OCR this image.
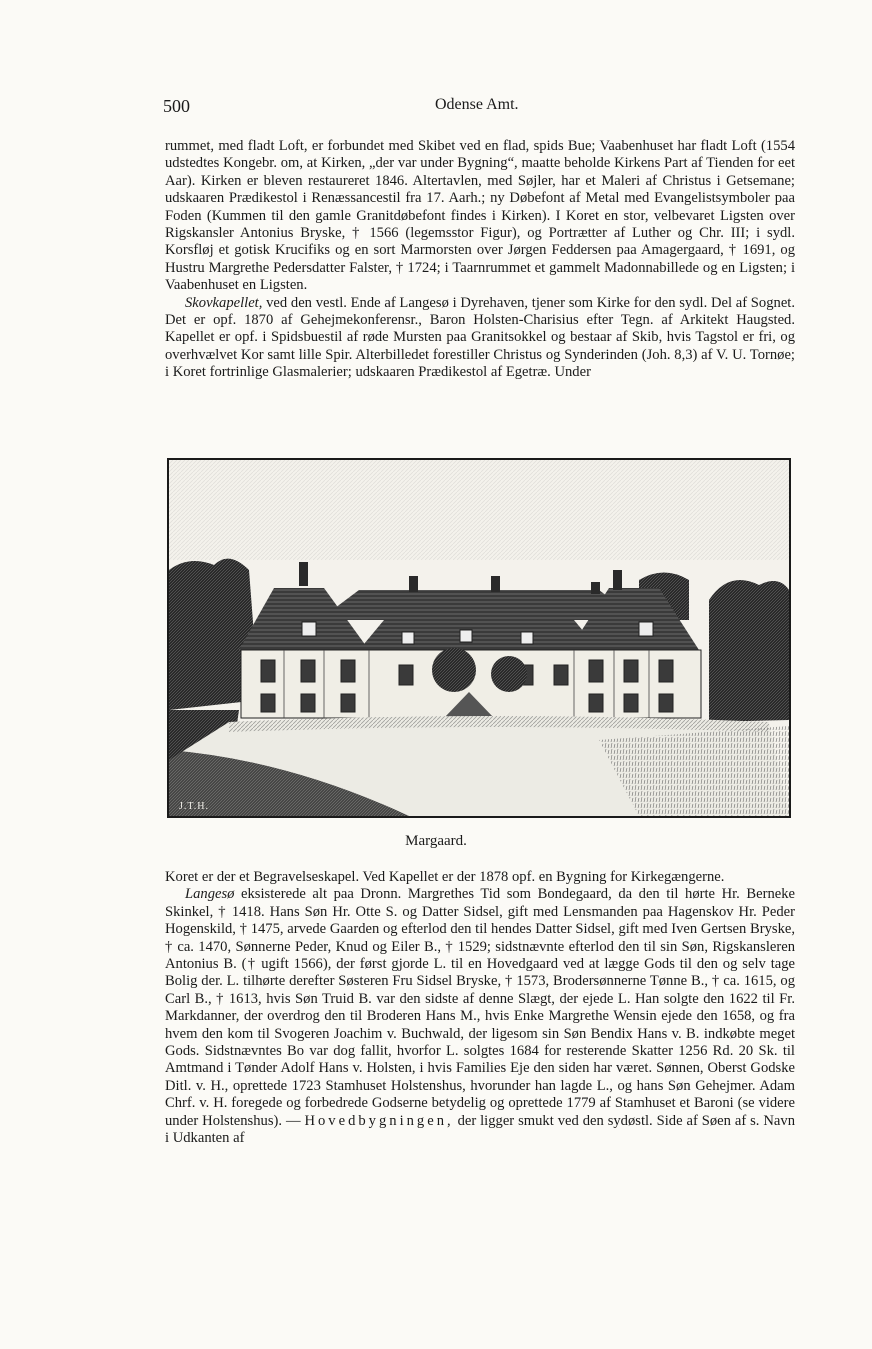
500	Odense Amt.

rummet, med fladt Loft, er forbundet med Skibet ved en flad, spids Bue; Vaabenhuset har fladt Loft (1554 udstedtes Kongebr. om, at Kirken, „der var under Bygning“, maatte beholde Kirkens Part af Tienden for eet Aar). Kirken er bleven restaureret 1846. Altertavlen, med Søjler, har et Maleri af Christus i Getsemane; udskaaren Prædikestol i Renæssancestil fra 17. Aarh.; ny Døbefont af Metal med Evangelistsymboler paa Foden (Kummen til den gamle Granitdøbefont findes i Kirken). I Koret en stor, velbevaret Ligsten over Rigskansler Antonius Bryske, † 1566 (legemsstor Figur), og Portrætter af Luther og Chr. III; i sydl. Korsfløj et gotisk Krucifiks og en sort Marmorsten over Jørgen Feddersen paa Amagergaard, † 1691, og Hustru Margrethe Pedersdatter Falster, † 1724; i Taarnrummet et gammelt Madonnabillede og en Ligsten; i Vaabenhuset en Ligsten.

Skovkapellet, ved den vestl. Ende af Langesø i Dyrehaven, tjener som Kirke for den sydl. Del af Sognet. Det er opf. 1870 af Gehejmekonferensr., Baron Holsten-Charisius efter Tegn. af Arkitekt Haugsted. Kapellet er opf. i Spidsbuestil af røde Mursten paa Granitsokkel og bestaar af Skib, hvis Tagstol er fri, og overhvælvet Kor samt lille Spir. Alterbilledet forestiller Christus og Synderinden (Joh. 8,3) af V. U. Tornøe; i Koret fortrinlige Glasmalerier; udskaaren Prædikestol af Egetræ. Under

J.T.H.
Margaard.

Koret er der et Begravelseskapel. Ved Kapellet er der 1878 opf. en Bygning for Kirkegængerne.

Langesø eksisterede alt paa Dronn. Margrethes Tid som Bondegaard, da den til hørte Hr. Berneke Skinkel, † 1418. Hans Søn Hr. Otte S. og Datter Sidsel, gift med Lensmanden paa Hagenskov Hr. Peder Hogenskild, † 1475, arvede Gaarden og efterlod den til hendes Datter Sidsel, gift med Iven Gertsen Bryske, † ca. 1470, Sønnerne Peder, Knud og Eiler B., † 1529; sidstnævnte efterlod den til sin Søn, Rigskansleren Antonius B. († ugift 1566), der først gjorde L. til en Hovedgaard ved at lægge Gods til den og selv tage Bolig der. L. tilhørte derefter Søsteren Fru Sidsel Bryske, † 1573, Brodersønnerne Tønne B., † ca. 1615, og Carl B., † 1613, hvis Søn Truid B. var den sidste af denne Slægt, der ejede L. Han solgte den 1622 til Fr. Markdanner, der overdrog den til Broderen Hans M., hvis Enke Margrethe Wensin ejede den 1658, og fra hvem den kom til Svogeren Joachim v. Buchwald, der ligesom sin Søn Bendix Hans v. B. indkøbte meget Gods. Sidstnævntes Bo var dog fallit, hvorfor L. solgtes 1684 for resterende Skatter 1256 Rd. 20 Sk. til Amtmand i Tønder Adolf Hans v. Holsten, i hvis Families Eje den siden har været. Sønnen, Oberst Godske Ditl. v. H., oprettede 1723 Stamhuset Holstenshus, hvorunder han lagde L., og hans Søn Gehejmer. Adam Chrf. v. H. foregede og forbedrede Godserne betydelig og oprettede 1779 af Stamhuset et Baroni (se videre under Holstenshus). — Hovedbygningen, der ligger smukt ved den sydøstl. Side af Søen af s. Navn i Udkanten af
